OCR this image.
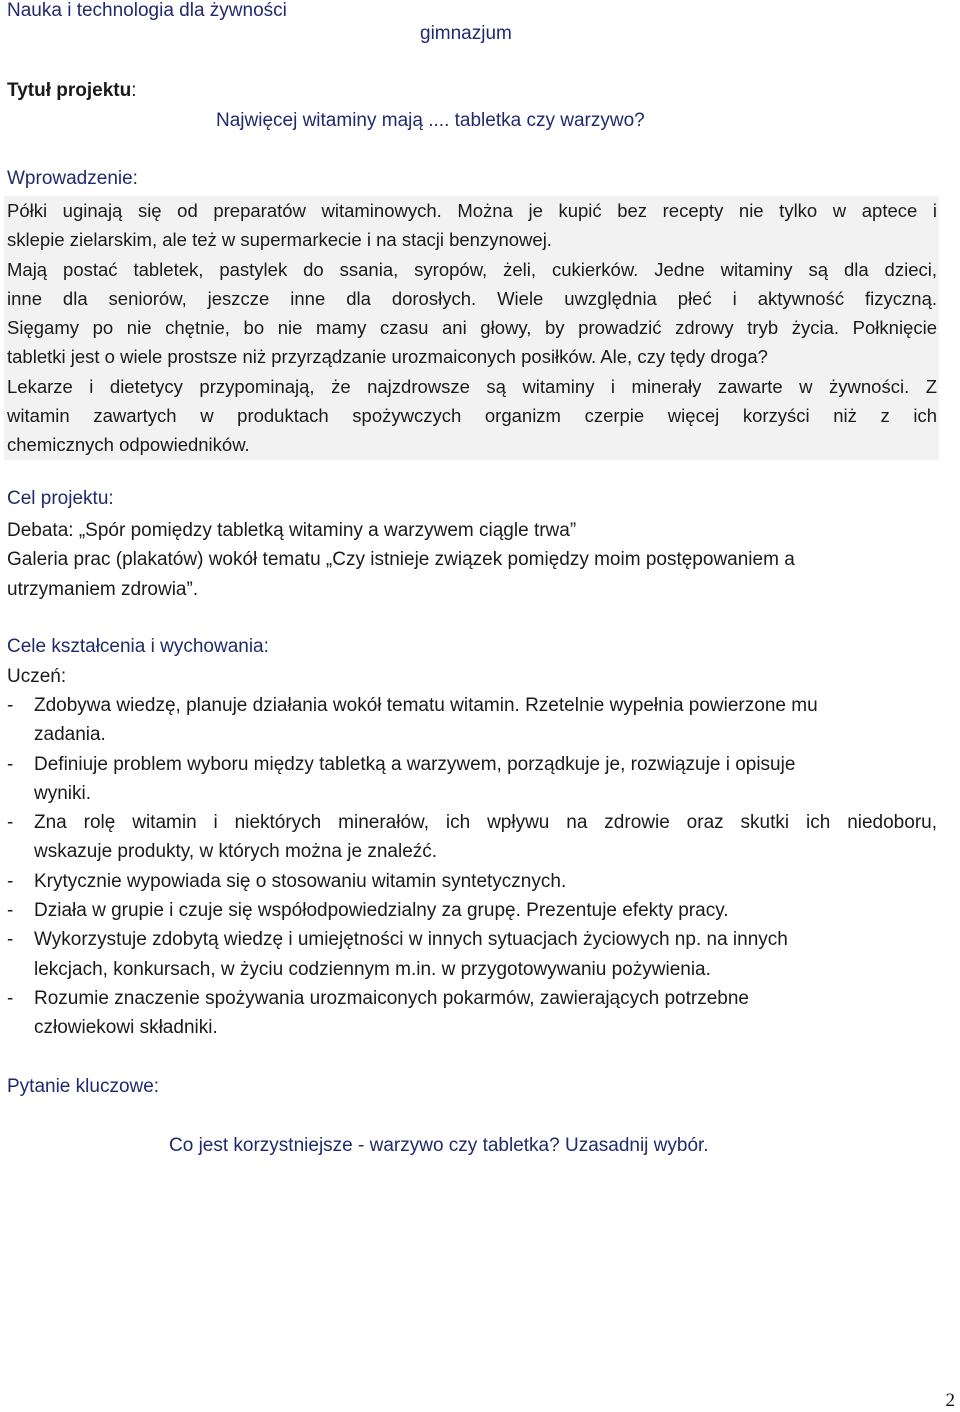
Nauka i technologia dla żywności
gimnazjum
Tytuł projektu:
Najwięcej witaminy mają .... tabletka czy warzywo?
Wprowadzenie:
Półki uginają się od preparatów witaminowych. Można je kupić bez recepty nie tylko w aptece i
sklepie zielarskim, ale też w supermarkecie i na stacji benzynowej.
Mają postać tabletek, pastylek do ssania, syropów, żeli, cukierków. Jedne witaminy są dla dzieci,
inne dla seniorów, jeszcze inne dla dorosłych. Wiele uwzględnia płeć i aktywność fizyczną.
Sięgamy po nie chętnie, bo nie mamy czasu ani głowy, by prowadzić zdrowy tryb życia. Połknięcie
tabletki jest o wiele prostsze niż przyrządzanie urozmaiconych posiłków. Ale, czy tędy droga?
Lekarze i dietetycy przypominają, że najzdrowsze są witaminy i minerały zawarte w żywności. Z
witamin zawartych w produktach spożywczych organizm czerpie więcej korzyści niż z ich
chemicznych odpowiedników.
Cel projektu:
Debata: „Spór pomiędzy tabletką witaminy a warzywem ciągle trwa”
Galeria prac (plakatów) wokół tematu „Czy istnieje związek pomiędzy moim postępowaniem a
utrzymaniem zdrowia”.
Cele kształcenia i wychowania:
Uczeń:
- Zdobywa wiedzę, planuje działania wokół tematu witamin. Rzetelnie wypełnia powierzone mu
zadania.
- Definiuje problem wyboru między tabletką a warzywem, porządkuje je, rozwiązuje i opisuje
wyniki.
- Zna rolę witamin i niektórych minerałów, ich wpływu na zdrowie oraz skutki ich niedoboru,
wskazuje produkty, w których można je znaleźć.
- Krytycznie wypowiada się o stosowaniu witamin syntetycznych.
- Działa w grupie i czuje się współodpowiedzialny za grupę. Prezentuje efekty pracy.
- Wykorzystuje zdobytą wiedzę i umiejętności w innych sytuacjach życiowych np. na innych
lekcjach, konkursach, w życiu codziennym m.in. w przygotowywaniu pożywienia.
- Rozumie znaczenie spożywania urozmaiconych pokarmów, zawierających potrzebne
człowiekowi składniki.
Pytanie kluczowe:
Co jest korzystniejsze - warzywo czy tabletka? Uzasadnij wybór.
2
